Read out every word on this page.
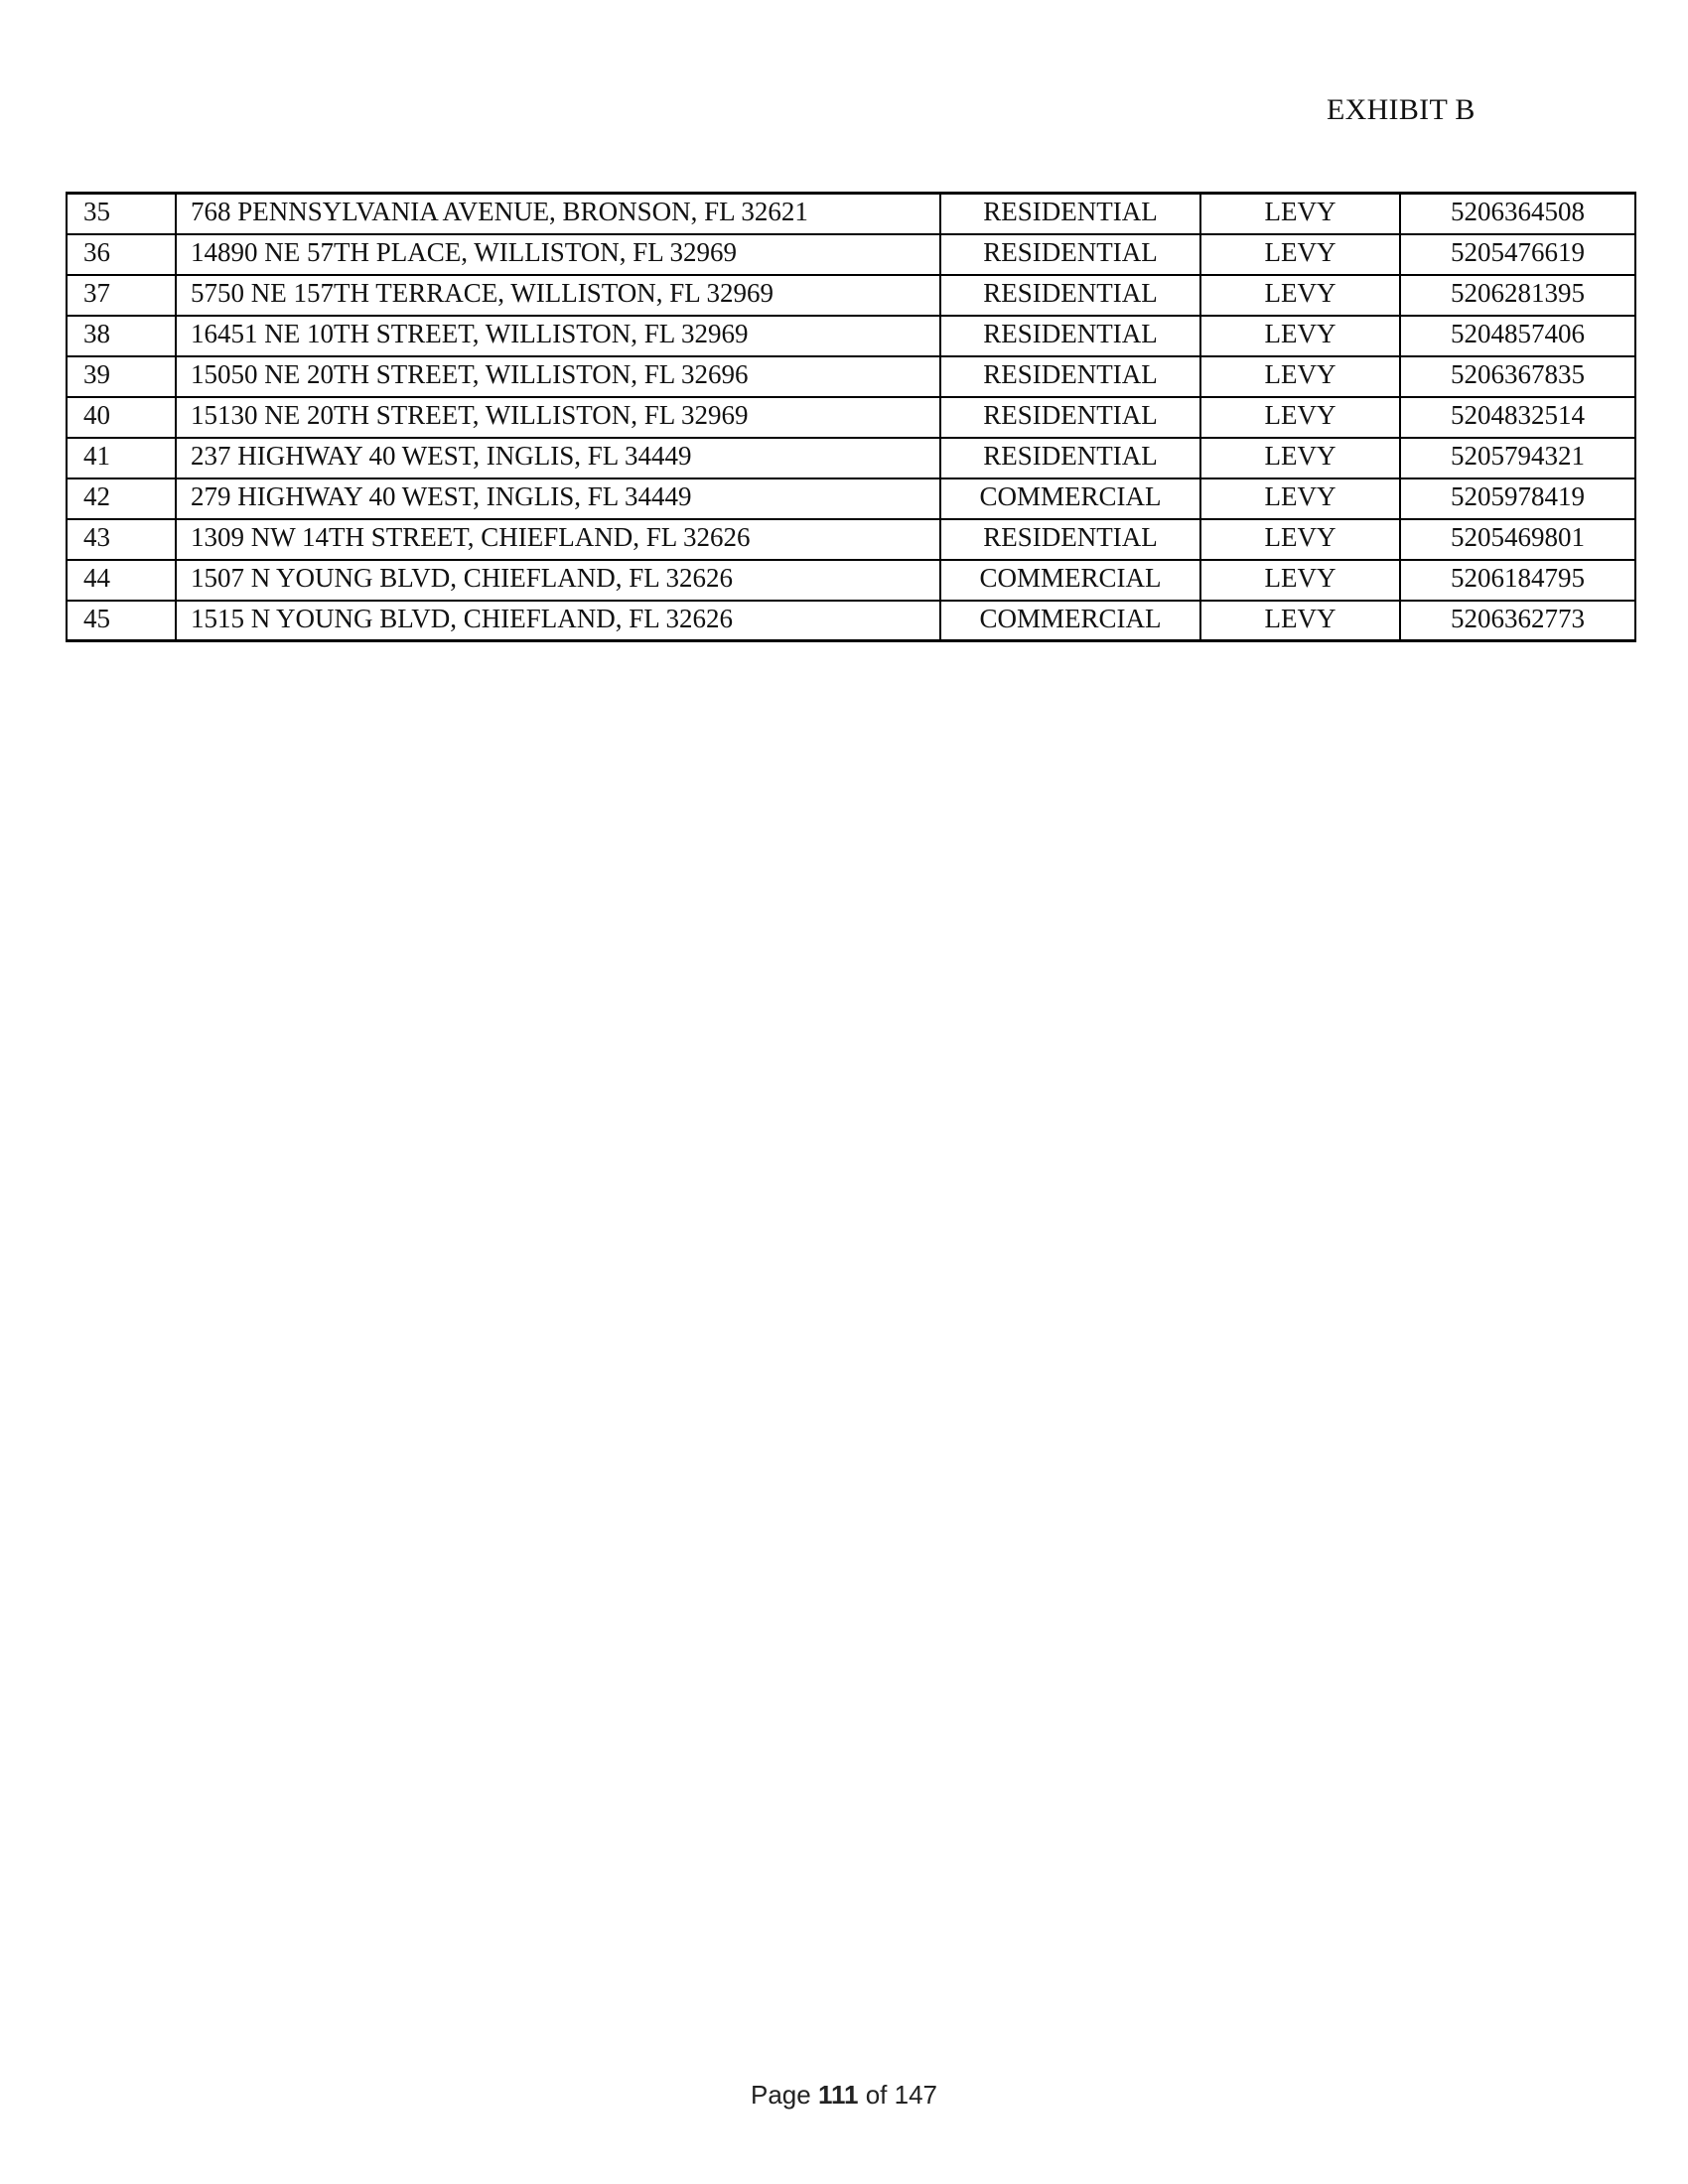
EXHIBIT B
35	768 PENNSYLVANIA AVENUE, BRONSON, FL 32621	RESIDENTIAL	LEVY	5206364508
36	14890 NE 57TH PLACE, WILLISTON, FL 32969	RESIDENTIAL	LEVY	5205476619
37	5750 NE 157TH TERRACE, WILLISTON, FL 32969	RESIDENTIAL	LEVY	5206281395
38	16451 NE 10TH STREET, WILLISTON, FL 32969	RESIDENTIAL	LEVY	5204857406
39	15050 NE 20TH STREET, WILLISTON, FL 32696	RESIDENTIAL	LEVY	5206367835
40	15130 NE 20TH STREET, WILLISTON, FL 32969	RESIDENTIAL	LEVY	5204832514
41	237 HIGHWAY 40 WEST, INGLIS, FL 34449	RESIDENTIAL	LEVY	5205794321
42	279 HIGHWAY 40 WEST, INGLIS, FL 34449	COMMERCIAL	LEVY	5205978419
43	1309 NW 14TH STREET, CHIEFLAND, FL 32626	RESIDENTIAL	LEVY	5205469801
44	1507 N YOUNG BLVD, CHIEFLAND, FL 32626	COMMERCIAL	LEVY	5206184795
45	1515 N YOUNG BLVD, CHIEFLAND, FL 32626	COMMERCIAL	LEVY	5206362773
Page 111 of 147
